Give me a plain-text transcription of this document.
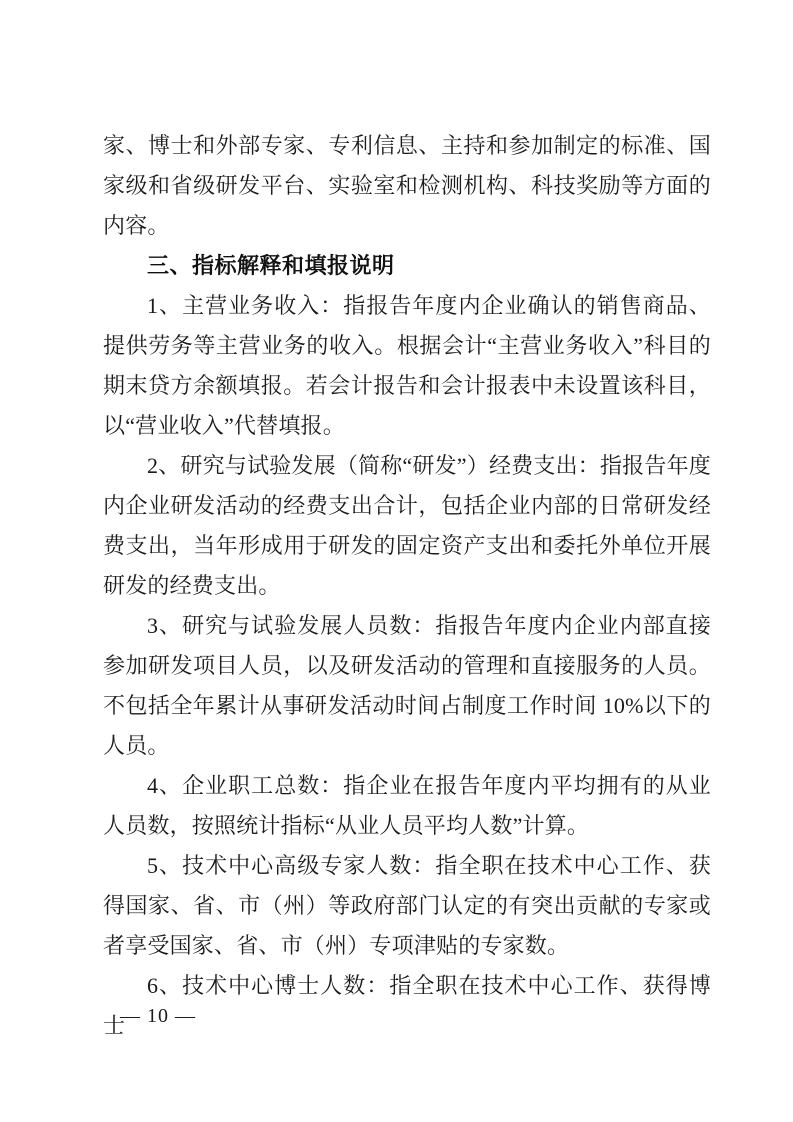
家、博士和外部专家、专利信息、主持和参加制定的标准、国家级和省级研发平台、实验室和检测机构、科技奖励等方面的内容。

三、指标解释和填报说明

1、主营业务收入：指报告年度内企业确认的销售商品、提供劳务等主营业务的收入。根据会计“主营业务收入”科目的期末贷方余额填报。若会计报告和会计报表中未设置该科目，以“营业收入”代替填报。

2、研究与试验发展（简称“研发”）经费支出：指报告年度内企业研发活动的经费支出合计，包括企业内部的日常研发经费支出，当年形成用于研发的固定资产支出和委托外单位开展研发的经费支出。

3、研究与试验发展人员数：指报告年度内企业内部直接参加研发项目人员，以及研发活动的管理和直接服务的人员。不包括全年累计从事研发活动时间占制度工作时间 10%以下的人员。

4、企业职工总数：指企业在报告年度内平均拥有的从业人员数，按照统计指标“从业人员平均人数”计算。

5、技术中心高级专家人数：指全职在技术中心工作、获得国家、省、市（州）等政府部门认定的有突出贡献的专家或者享受国家、省、市（州）专项津贴的专家数。

6、技术中心博士人数：指全职在技术中心工作、获得博士

— 10 —
